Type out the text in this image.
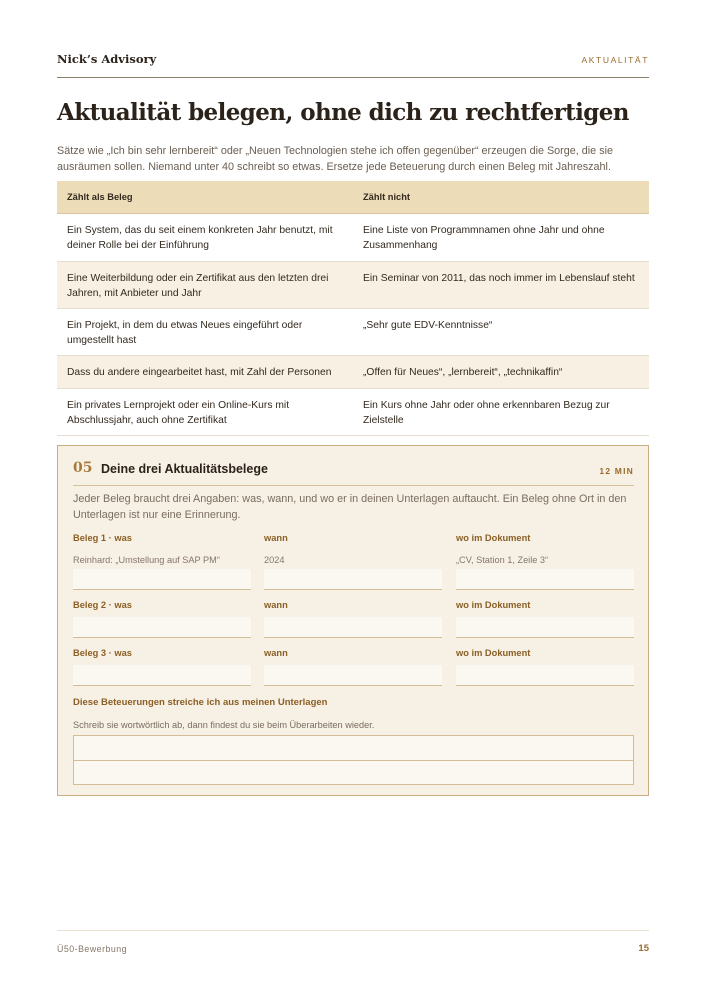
Nick’s Advisory	AKTUALITÄT
Aktualität belegen, ohne dich zu rechtfertigen

Sätze wie „Ich bin sehr lernbereit“ oder „Neuen Technologien stehe ich offen gegenüber“ erzeugen die Sorge, die sie ausräumen sollen. Niemand unter 40 schreibt so etwas. Ersetze jede Beteuerung durch einen Beleg mit Jahreszahl.

Zählt als Beleg	Zählt nicht
Ein System, das du seit einem konkreten Jahr benutzt, mit deiner Rolle bei der Einführung	Eine Liste von Programmnamen ohne Jahr und ohne Zusammenhang
Eine Weiterbildung oder ein Zertifikat aus den letzten drei Jahren, mit Anbieter und Jahr	Ein Seminar von 2011, das noch immer im Lebenslauf steht
Ein Projekt, in dem du etwas Neues eingeführt oder umgestellt hast	„Sehr gute EDV-Kenntnisse“
Dass du andere eingearbeitet hast, mit Zahl der Personen	„Offen für Neues“, „lernbereit“, „technikaffin“
Ein privates Lernprojekt oder ein Online-Kurs mit Abschlussjahr, auch ohne Zertifikat	Ein Kurs ohne Jahr oder ohne erkennbaren Bezug zur Zielstelle
05 Deine drei Aktualitätsbelege	12 MIN

Jeder Beleg braucht drei Angaben: was, wann, und wo er in deinen Unterlagen auftaucht. Ein Beleg ohne Ort in den Unterlagen ist nur eine Erinnerung.

Beleg 1 · was	wann	wo im Dokument
Reinhard: „Umstellung auf SAP PM“	2024	„CV, Station 1, Zeile 3“
Beleg 2 · was	wann	wo im Dokument
Beleg 3 · was	wann	wo im Dokument
Diese Beteuerungen streiche ich aus meinen Unterlagen
Schreib sie wortwörtlich ab, dann findest du sie beim Überarbeiten wieder.
Ü50-Bewerbung	15
